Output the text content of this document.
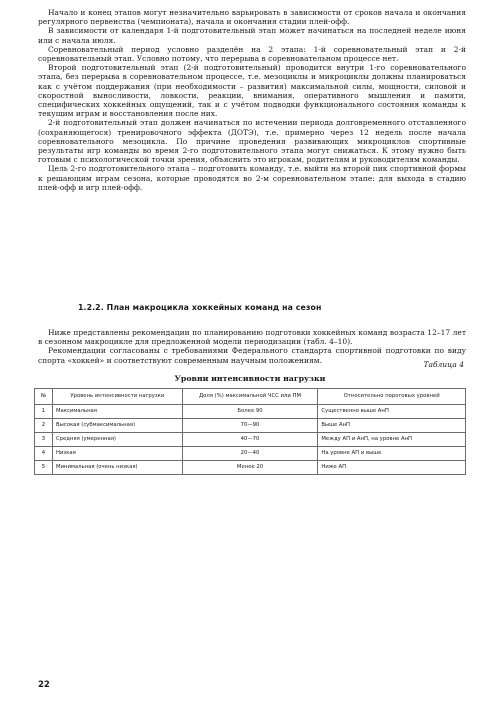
Начало и конец этапов могут незначительно варьировать в зависимости от сроков начала и окончания регулярного первенства (чемпионата), начала и окончания стадии плей-офф.

В зависимости от календаря 1-й подготовительный этап может начинаться на последней неделе июня или с начала июля.

Соревновательный период условно разделён на 2 этапа: 1-й соревновательный этап и 2-й соревновательный этап. Условно потому, что перерыва в соревновательном процессе нет.

Второй подготовительный этап (2-й подготовительный) проводится внутри 1-го соревновательного этапа, без перерыва в соревновательном процессе, т.е. мезоциклы и микроциклы должны планироваться как с учётом поддержания (при необходимости – развития) максимальной силы, мощности, силовой и скоростной выносливости, ловкости, реакции, внимания, оперативного мышления и памяти, специфических хоккейных ощущений, так и с учётом подводки функционального состояния команды к текущим играм и восстановления после них.

2-й подготовительный этап должен начинаться по истечении периода долговременного отставленного (сохраняющегося) тренировочного эффекта (ДОТЭ), т.е. примерно через 12 недель после начала соревновательного мезоцикла. По причине проведения развивающих микроциклов спортивные результаты игр команды во время 2-го подготовительного этапа могут снижаться. К этому нужно быть готовым с психологической точки зрения, объяснить это игрокам, родителям и руководителям команды.

Цель 2-го подготовительного этапа – подготовить команду, т.е. выйти на второй пик спортивной формы к решающим играм сезона, которые проводятся во 2-м соревновательном этапе: для выхода в стадию плей-офф и игр плей-офф.

1.2.2. План макроцикла хоккейных команд на сезон

Ниже представлены рекомендации по планированию подготовки хоккейных команд возраста 12–17 лет в сезонном макроцикле для предложенной модели периодизации (табл. 4–10).

Рекомендации согласованы с требованиями Федерального стандарта спортивной подготовки по виду спорта «хоккей» и соответствуют современным научным положениям.	Таблица 4
Уровни интенсивности нагрузки
№	Уровень интенсивности нагрузки	Доля (%) максимальной ЧСС или ПМ	Относительно пороговых уровней
1	Максимальная	Более 90	Существенно выше АнП
2	Высокая (субмаксимальная)	70—90	Выше АнП
3	Средняя (умеренная)	40—70	Между АП и АнП, на уровне АнП
4	Низкая	20—40	На уровне АП и выше
5	Минимальная (очень низкая)	Менее 20	Ниже АП
22
